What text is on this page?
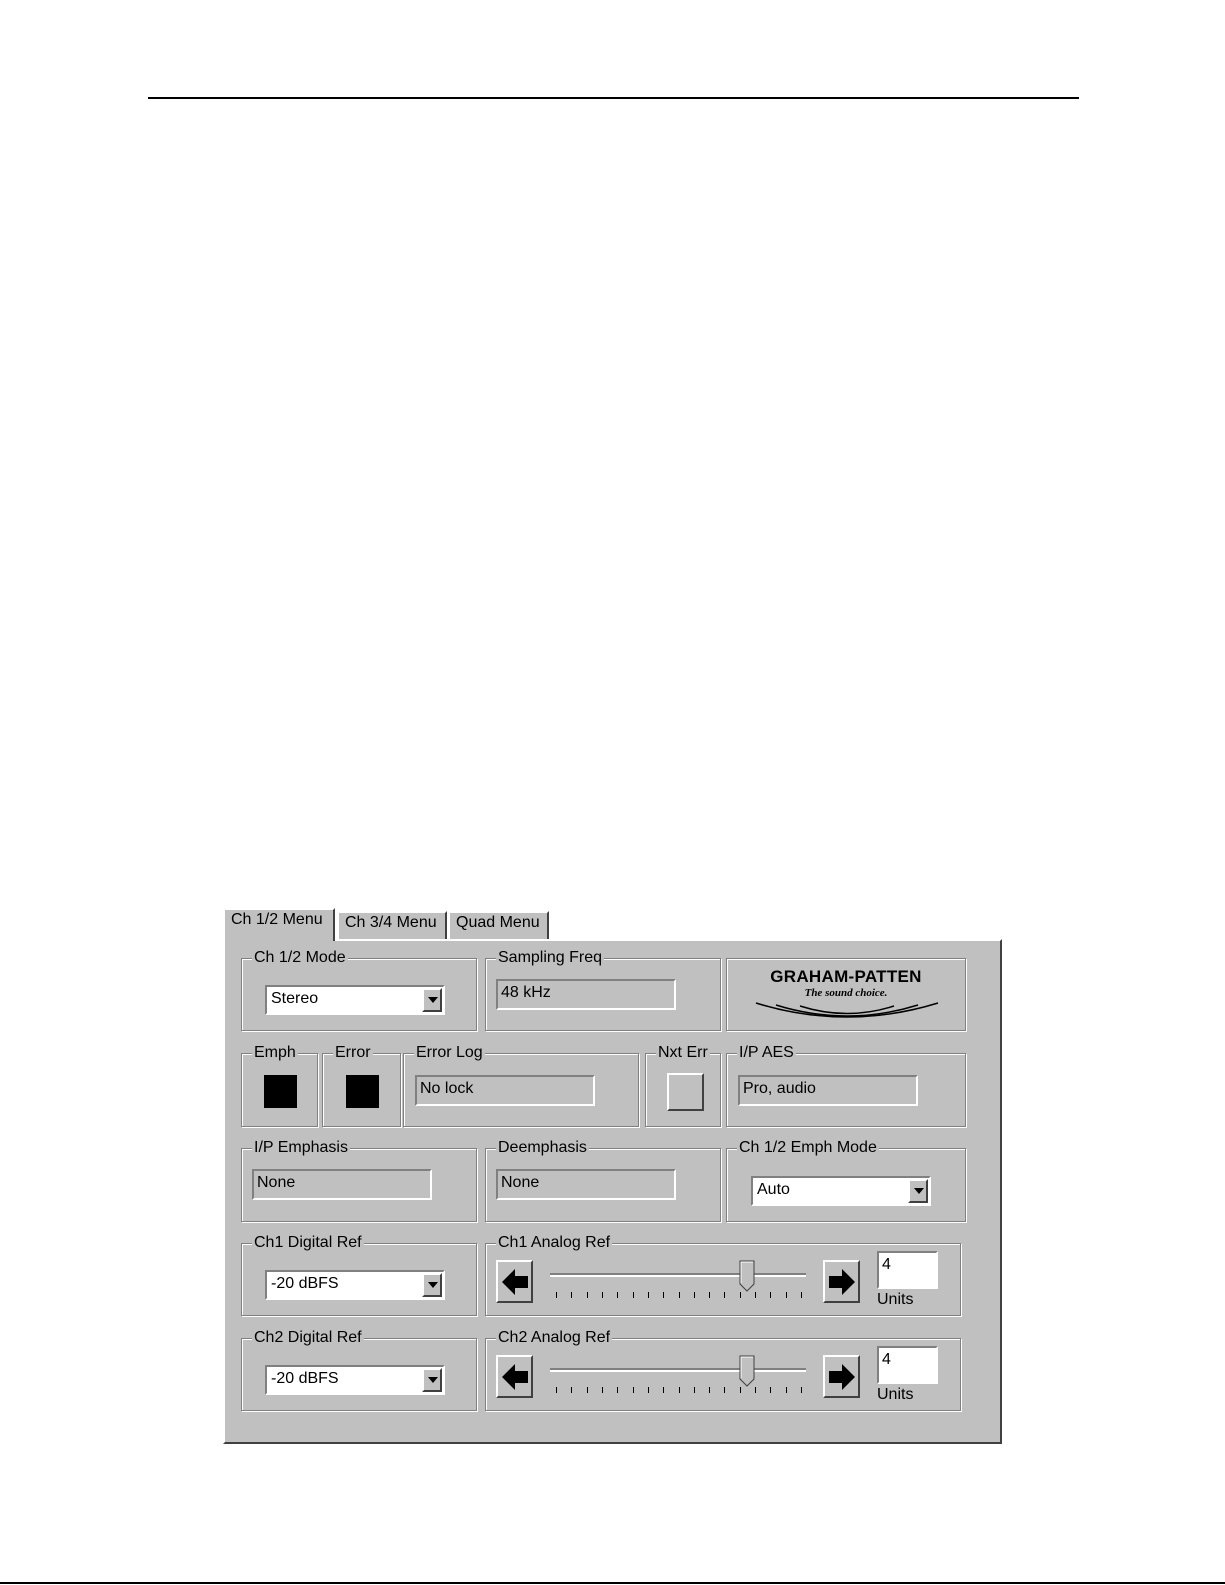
Ch 1/2 Menu	Ch 3/4 Menu	Quad Menu
Ch 1/2 Mode
Stereo
Sampling Freq
48 kHz
GRAHAM-PATTEN
The sound choice.
Emph Error	Error Log
No lock
Nxt Err I/P AES
Pro, audio
I/P Emphasis
None
Deemphasis
None
Ch 1/2 Emph Mode
Auto
Ch1 Digital Ref
-20 dBFS
Ch1 Analog Ref
4
Units
Ch2 Digital Ref
-20 dBFS
Ch2 Analog Ref
4
Units
